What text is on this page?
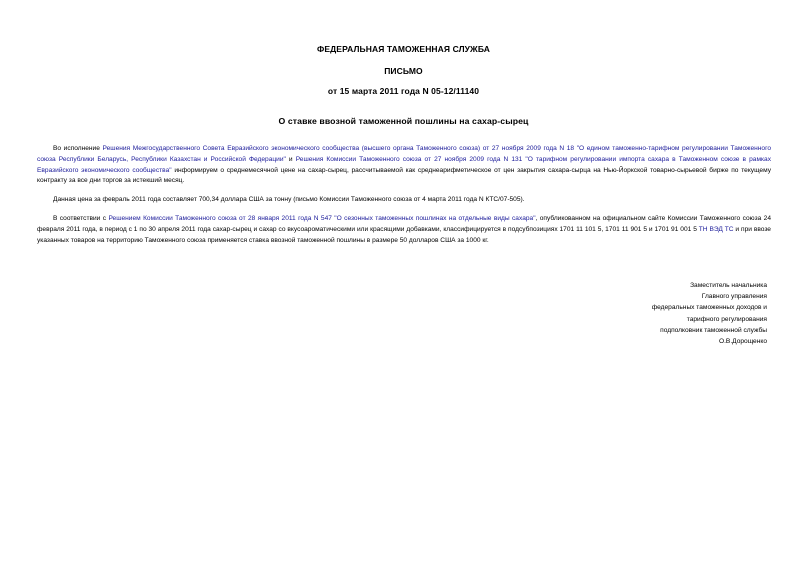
ФЕДЕРАЛЬНАЯ ТАМОЖЕННАЯ СЛУЖБА
ПИСЬМО
от 15 марта 2011 года N 05-12/11140
О ставке ввозной таможенной пошлины на сахар-сырец

Во исполнение Решения Межгосударственного Совета Евразийского экономического сообщества (высшего органа Таможенного союза) от 27 ноября 2009 года N 18 "О едином таможенно-тарифном регулировании Таможенного союза Республики Беларусь, Республики Казахстан и Российской Федерации" и Решения Комиссии Таможенного союза от 27 ноября 2009 года N 131 "О тарифном регулировании импорта сахара в Таможенном союзе в рамках Евразийского экономического сообщества" информируем о среднемесячной цене на сахар-сырец, рассчитываемой как среднеарифметическое от цен закрытия сахара-сырца на Нью-Йоркской товарно-сырьевой бирже по текущему контракту за все дни торгов за истекший месяц.

Данная цена за февраль 2011 года составляет 700,34 доллара США за тонну (письмо Комиссии Таможенного союза от 4 марта 2011 года N КТС/07-505).

В соответствии с Решением Комиссии Таможенного союза от 28 января 2011 года N 547 "О сезонных таможенных пошлинах на отдельные виды сахара", опубликованном на официальном сайте Комиссии Таможенного союза 24 февраля 2011 года, в период с 1 по 30 апреля 2011 года сахар-сырец и сахар со вкусоароматическими или красящими добавками, классифицируется в подсубпозициях 1701 11 101 5, 1701 11 901 5 и 1701 91 001 5 ТН ВЭД ТС и при ввозе указанных товаров на территорию Таможенного союза применяется ставка ввозной таможенной пошлины в размере 50 долларов США за 1000 кг.

Заместитель начальника
Главного управления
федеральных таможенных доходов и
тарифного регулирования
подполковник таможенной службы
О.В.Дорощенко
